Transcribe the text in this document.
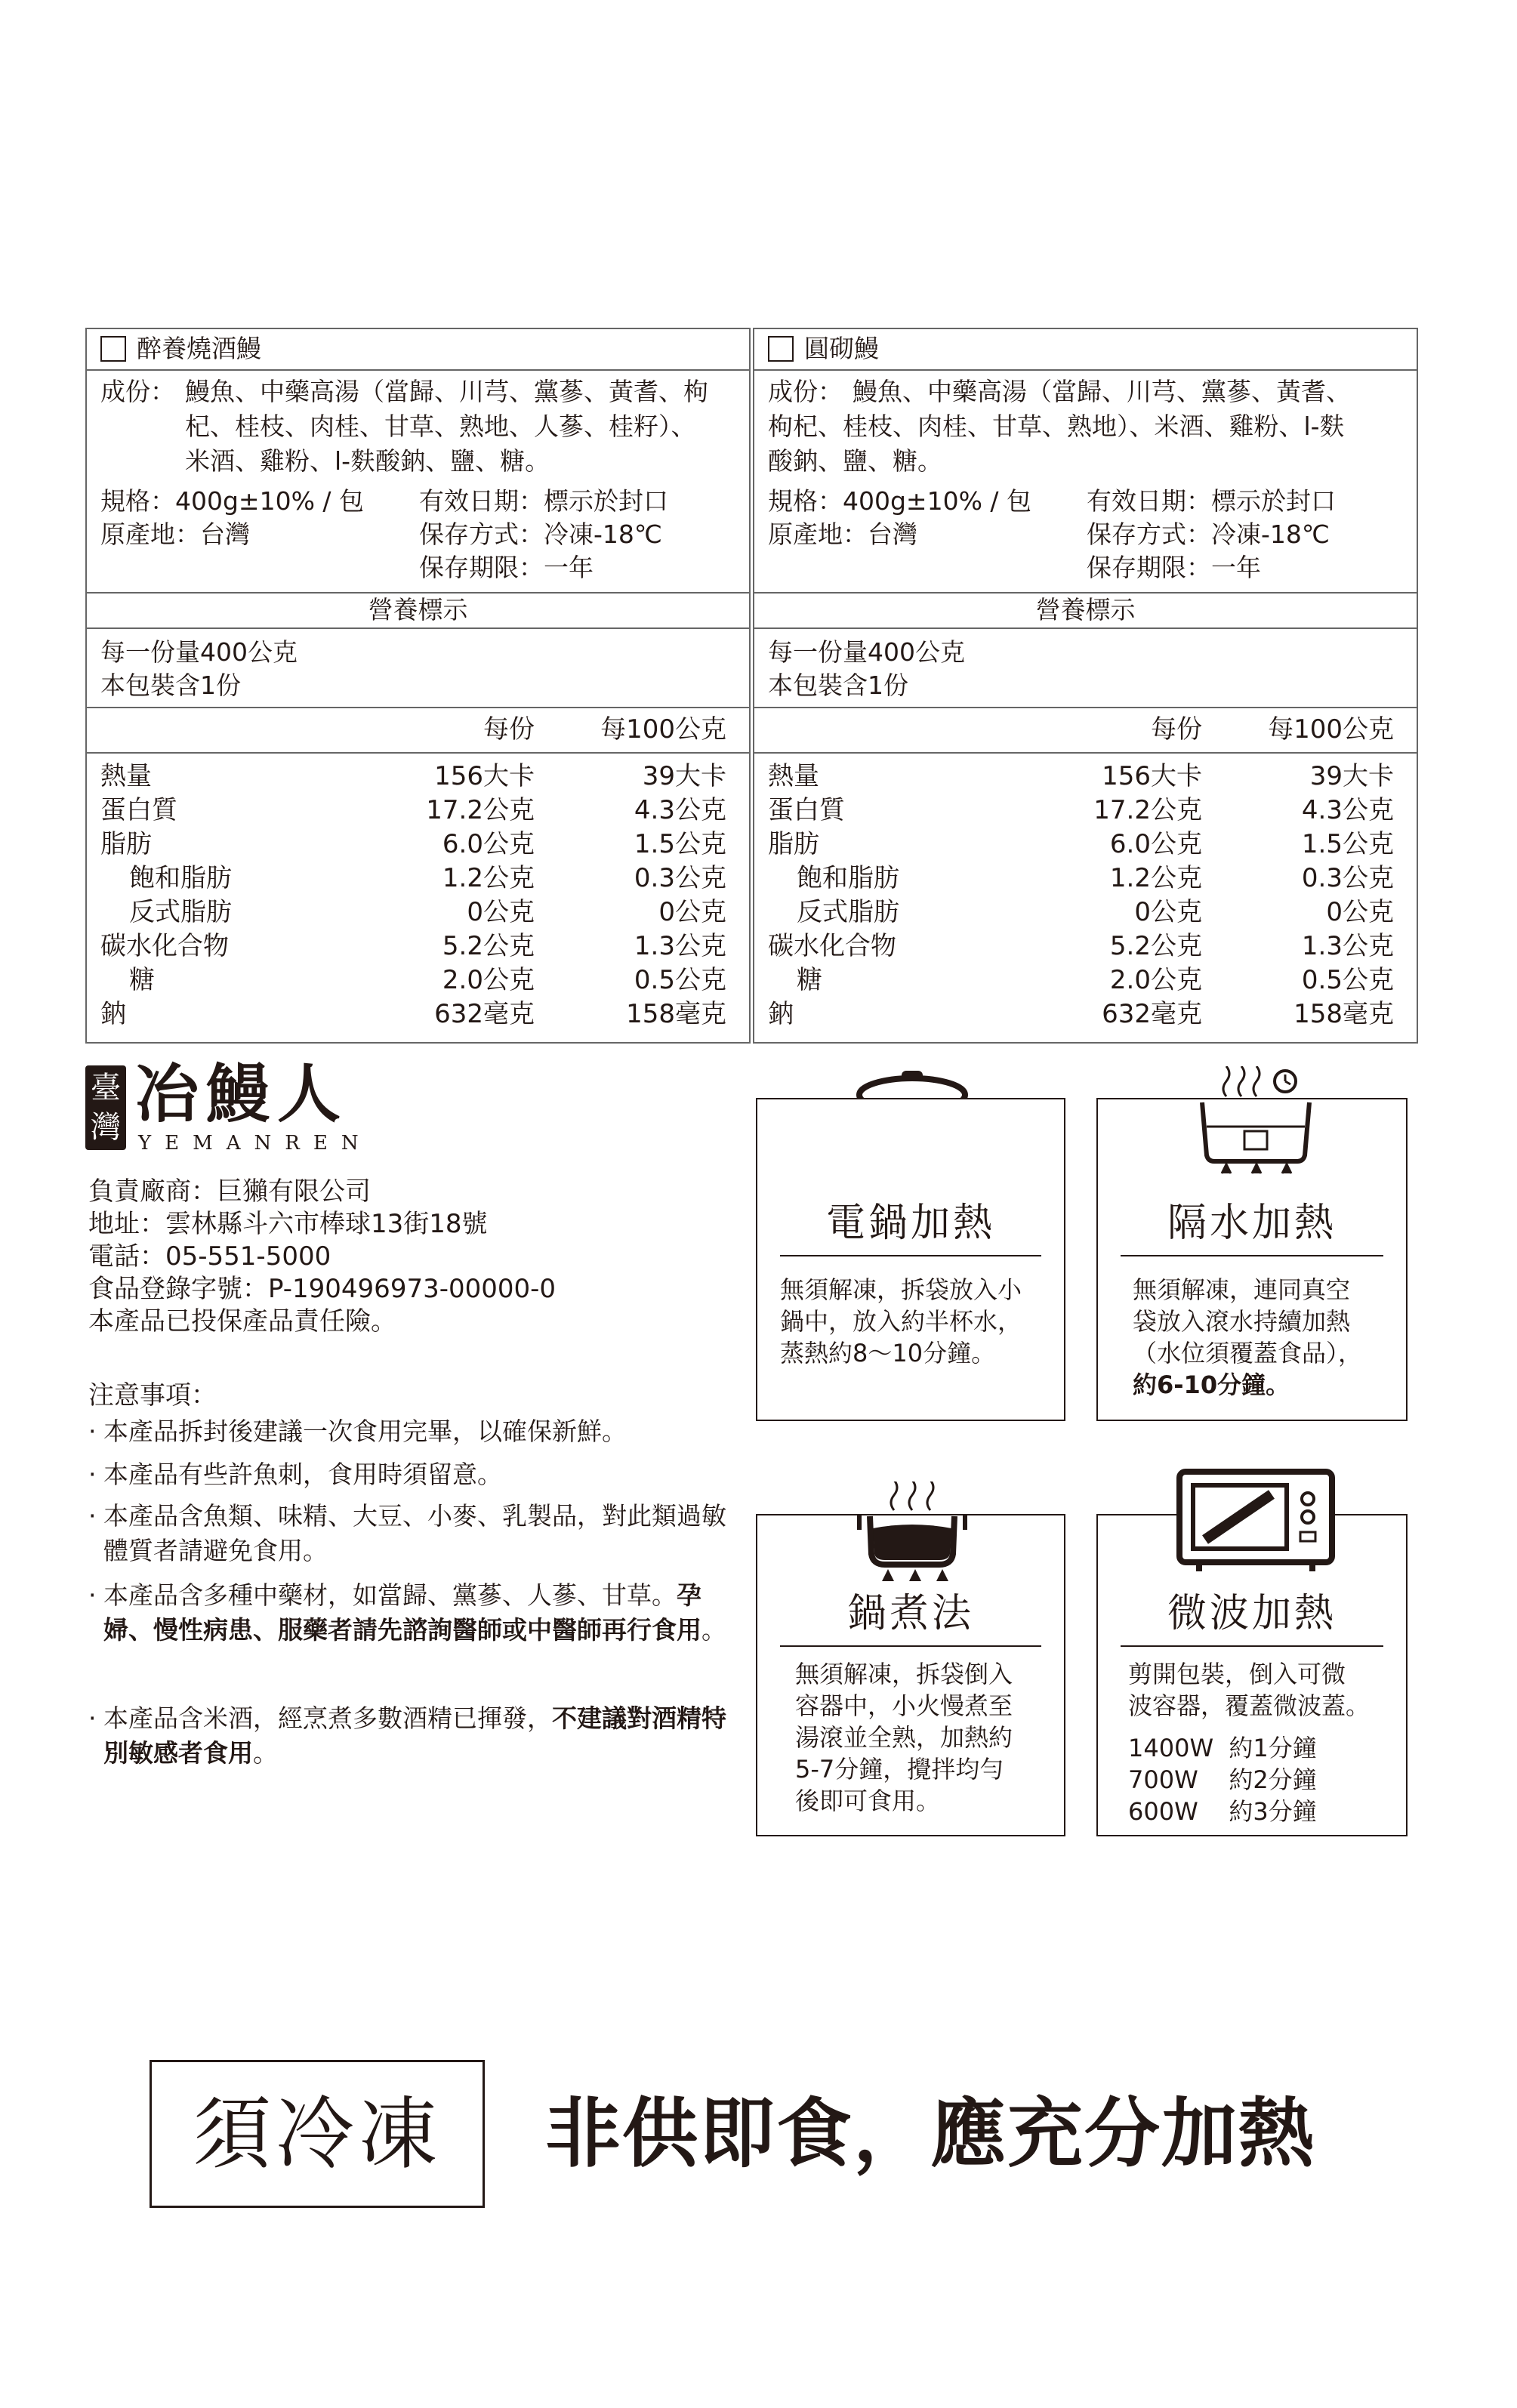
醉養燒酒鰻
成份： 鰻魚、中藥高湯（當歸、川芎、黨蔘、黃耆、枸
杞、桂枝、肉桂、甘草、熟地、人蔘、桂籽）、
米酒、雞粉、l-麩酸鈉、鹽、糖。
規格：400g±10% / 包
原產地：台灣
有效日期：標示於封口
保存方式：冷凍-18℃
保存期限：一年
營養標示
每一份量400公克
本包裝含1份
每份	每100公克
熱量	156大卡	39大卡
蛋白質	17.2公克	4.3公克
脂肪	6.0公克	1.5公克
飽和脂肪	1.2公克	0.3公克
反式脂肪	0公克	0公克
碳水化合物	5.2公克	1.3公克
糖	2.0公克	0.5公克
鈉	632毫克	158毫克
圓砌鰻
成份： 鰻魚、中藥高湯（當歸、川芎、黨蔘、黃耆、
枸杞、桂枝、肉桂、甘草、熟地）、米酒、雞粉、l-麩
酸鈉、鹽、糖。
規格：400g±10% / 包
原產地：台灣
有效日期：標示於封口
保存方式：冷凍-18℃
保存期限：一年
營養標示
每一份量400公克
本包裝含1份
每份	每100公克
熱量	156大卡	39大卡
蛋白質	17.2公克	4.3公克
脂肪	6.0公克	1.5公克
飽和脂肪	1.2公克	0.3公克
反式脂肪	0公克	0公克
碳水化合物	5.2公克	1.3公克
糖	2.0公克	0.5公克
鈉	632毫克	158毫克
臺灣 冶鰻人
YEMANREN
負責廠商：巨獺有限公司
地址：雲林縣斗六市棒球13街18號
電話：05-551-5000
食品登錄字號：P-190496973-00000-0
本產品已投保產品責任險。
注意事項：
· 本產品拆封後建議一次食用完畢，以確保新鮮。
· 本產品有些許魚刺，食用時須留意。
· 本產品含魚類、味精、大豆、小麥、乳製品，對此類過敏體質者請避免食用。
· 本產品含多種中藥材，如當歸、黨蔘、人蔘、甘草。孕婦、慢性病患、服藥者請先諮詢醫師或中醫師再行食用。
· 本產品含米酒，經烹煮多數酒精已揮發，不建議對酒精特別敏感者食用。
電鍋加熱
無須解凍，拆袋放入小
鍋中，放入約半杯水，
蒸熱約8～10分鐘。
隔水加熱
無須解凍，連同真空
袋放入滾水持續加熱
（水位須覆蓋食品），
約6-10分鐘。
鍋煮法
無須解凍，拆袋倒入
容器中，小火慢煮至
湯滾並全熟，加熱約
5-7分鐘，攪拌均勻
後即可食用。
微波加熱
剪開包裝，倒入可微
波容器，覆蓋微波蓋。
1400W  約1分鐘
700W    約2分鐘
600W    約3分鐘
須冷凍	非供即食，應充分加熱
